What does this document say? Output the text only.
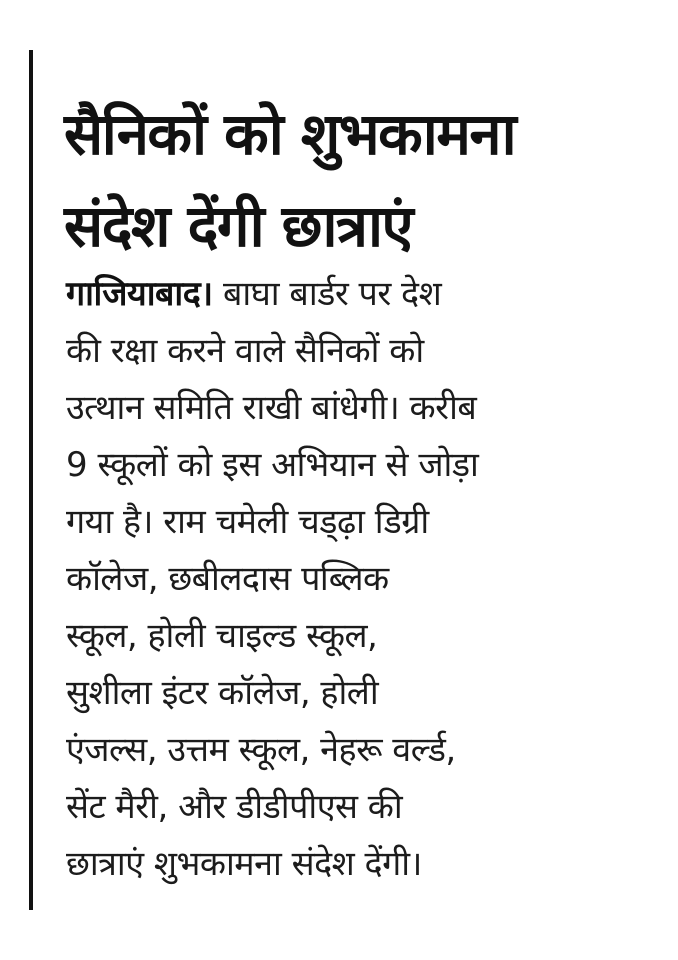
सैनिकों को शुभकामना
संदेश देंगी छात्राएं
गाजियाबाद। बाघा बार्डर पर देश
की रक्षा करने वाले सैनिकों को
उत्थान समिति राखी बांधेगी। करीब
9 स्कूलों को इस अभियान से जोड़ा
गया है। राम चमेली चड्ढ़ा डिग्री
कॉलेज, छबीलदास पब्लिक
स्कूल, होली चाइल्ड स्कूल,
सुशीला इंटर कॉलेज, होली
एंजल्स, उत्तम स्कूल, नेहरू वर्ल्ड,
सेंट मैरी, और डीडीपीएस की
छात्राएं शुभकामना संदेश देंगी।
